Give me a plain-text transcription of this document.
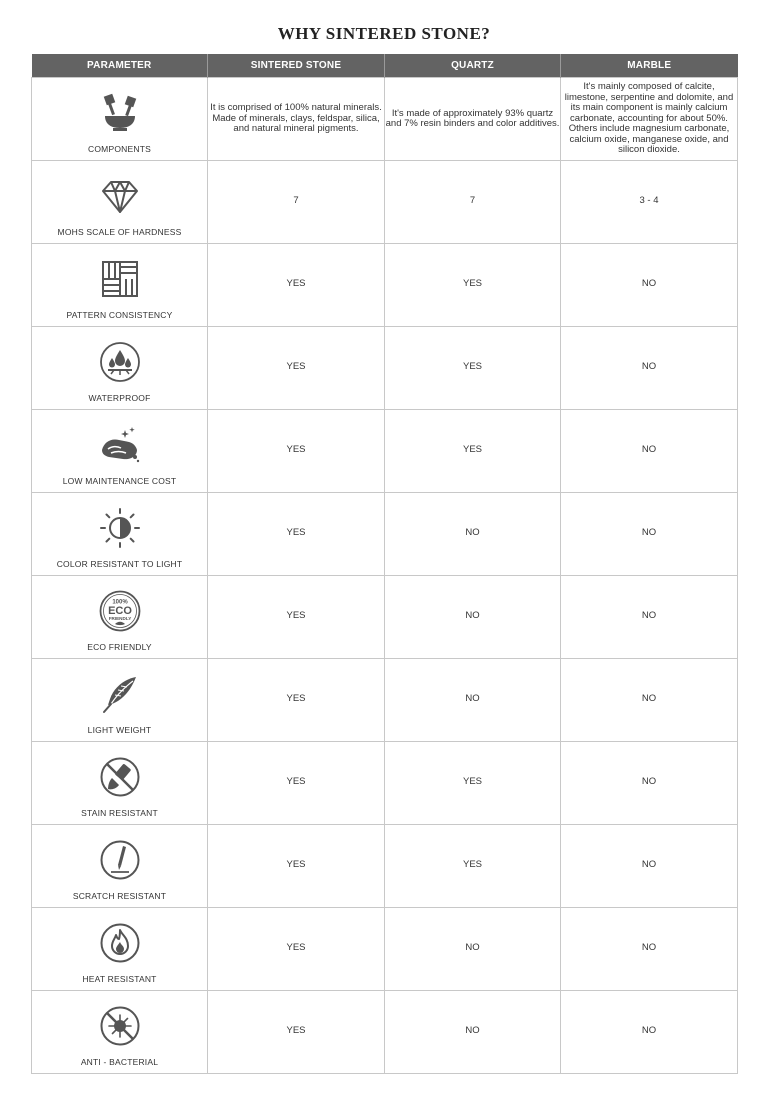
WHY SINTERED STONE?
PARAMETER	SINTERED STONE	QUARTZ	MARBLE

COMPONENTS	It is comprised of 100% natural minerals. Made of minerals, clays, feldspar, silica, and natural mineral pigments.	It's made of approximately 93% quartz and 7% resin binders and color additives.	It's mainly composed of calcite, limestone, serpentine and dolomite, and its main component is mainly calcium carbonate, accounting for about 50%. Others include magnesium carbonate, calcium oxide, manganese oxide, and silicon dioxide.

MOHS SCALE OF HARDNESS	7	7	3 - 4

PATTERN CONSISTENCY	YES	YES	NO

WATERPROOF	YES	YES	NO

LOW MAINTENANCE COST	YES	YES	NO

COLOR RESISTANT TO LIGHT	YES	NO	NO

100%
ECO
FRIENDLY
ECO FRIENDLY	YES	NO	NO

LIGHT WEIGHT	YES	NO	NO

STAIN RESISTANT	YES	YES	NO

SCRATCH RESISTANT	YES	YES	NO

HEAT RESISTANT	YES	NO	NO

ANTI - BACTERIAL	YES	NO	NO
